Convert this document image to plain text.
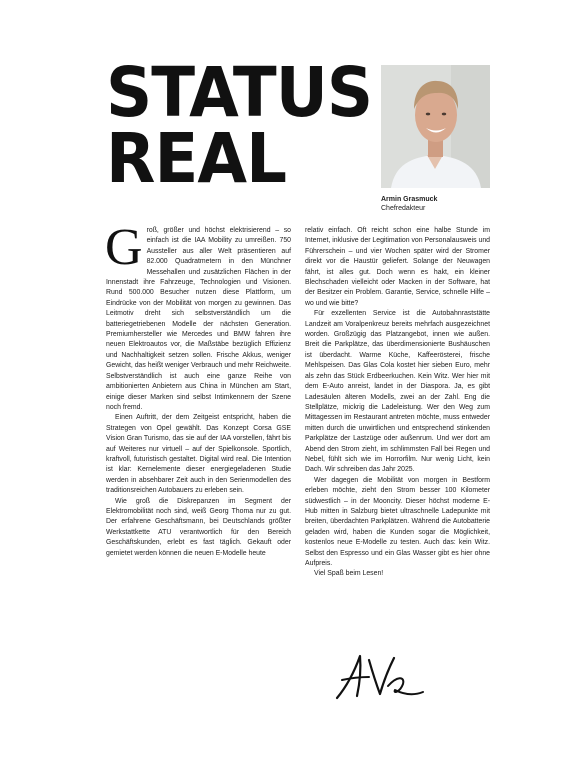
STATUS
REAL
Armin Grasmuck
Chefredakteur

Groß, größer und höchst elektrisierend – so einfach ist die IAA Mobility zu umreißen. 750 Aussteller aus aller Welt präsentieren auf 82.000 Quadratmetern in den Münchner Messehallen und zusätzlichen Flächen in der Innenstadt ihre Fahrzeuge, Technologien und Visionen. Rund 500.000 Besucher nutzen diese Plattform, um Eindrücke von der Mobilität von morgen zu gewinnen. Das Leitmotiv dreht sich selbstverständlich um die batteriegetriebenen Modelle der nächsten Generation. Premiumhersteller wie Mercedes und BMW fahren ihre neuen Elektroautos vor, die Maßstäbe bezüglich Effizienz und Nachhaltigkeit setzen sollen. Frische Akkus, weniger Gewicht, das heißt weniger Verbrauch und mehr Reichweite. Selbstverständlich ist auch eine ganze Reihe von ambitionierten Anbietern aus China in München am Start, einige dieser Marken sind selbst Intimkennern der Szene noch fremd.

Einen Auftritt, der dem Zeitgeist entspricht, haben die Strategen von Opel gewählt. Das Konzept Corsa GSE Vision Gran Turismo, das sie auf der IAA vorstellen, fährt bis auf Weiteres nur virtuell – auf der Spielkonsole. Sportlich, kraftvoll, futuristisch gestaltet. Digital wird real. Die Intention ist klar: Kernelemente dieser energiegeladenen Studie werden in absehbarer Zeit auch in den Serienmodellen des traditionsreichen Autobauers zu erleben sein.

Wie groß die Diskrepanzen im Segment der Elektromobilität noch sind, weiß Georg Thoma nur zu gut. Der erfahrene Geschäftsmann, bei Deutschlands größter Werkstattkette ATU verantwortlich für den Bereich Geschäftskunden, erlebt es fast täglich. Gekauft oder gemietet werden können die neuen E-Modelle heute

relativ einfach. Oft reicht schon eine halbe Stunde im Internet, inklusive der Legitimation von Personalausweis und Führerschein – und vier Wochen später wird der Stromer direkt vor die Haustür geliefert. Solange der Neuwagen fährt, ist alles gut. Doch wenn es hakt, ein kleiner Blechschaden vielleicht oder Macken in der Software, hat der Besitzer ein Problem. Garantie, Service, schnelle Hilfe – wo und wie bitte?

Für exzellenten Service ist die Autobahnraststätte Landzeit am Voralpenkreuz bereits mehrfach ausgezeichnet worden. Großzügig das Platzangebot, innen wie außen. Breit die Parkplätze, das überdimensionierte Bushäuschen ist überdacht. Warme Küche, Kaffeerösterei, frische Mehlspeisen. Das Glas Cola kostet hier sieben Euro, mehr als zehn das Stück Erdbeerkuchen. Kein Witz. Wer hier mit dem E-Auto anreist, landet in der Diaspora. Ja, es gibt Ladesäulen älteren Modells, zwei an der Zahl. Eng die Stellplätze, mickrig die Ladeleistung. Wer den Weg zum Mittagessen im Restaurant antreten möchte, muss entweder mitten durch die unwirtlichen und entsprechend stinkenden Parkplätze der Lastzüge oder außenrum. Und wer dort am Abend den Strom zieht, im schlimmsten Fall bei Regen und Nebel, fühlt sich wie im Horrorfilm. Nur wenig Licht, kein Dach. Wir schreiben das Jahr 2025.

Wer dagegen die Mobilität von morgen in Bestform erleben möchte, zieht den Strom besser 100 Kilometer südwestlich – in der Mooncity. Dieser höchst moderne E-Hub mitten in Salzburg bietet ultraschnelle Ladepunkte mit breiten, überdachten Parkplätzen. Während die Autobatterie geladen wird, haben die Kunden sogar die Möglichkeit, kostenlos neue E-Modelle zu testen. Auch das: kein Witz. Selbst den Espresso und ein Glas Wasser gibt es hier ohne Aufpreis.

Viel Spaß beim Lesen!
